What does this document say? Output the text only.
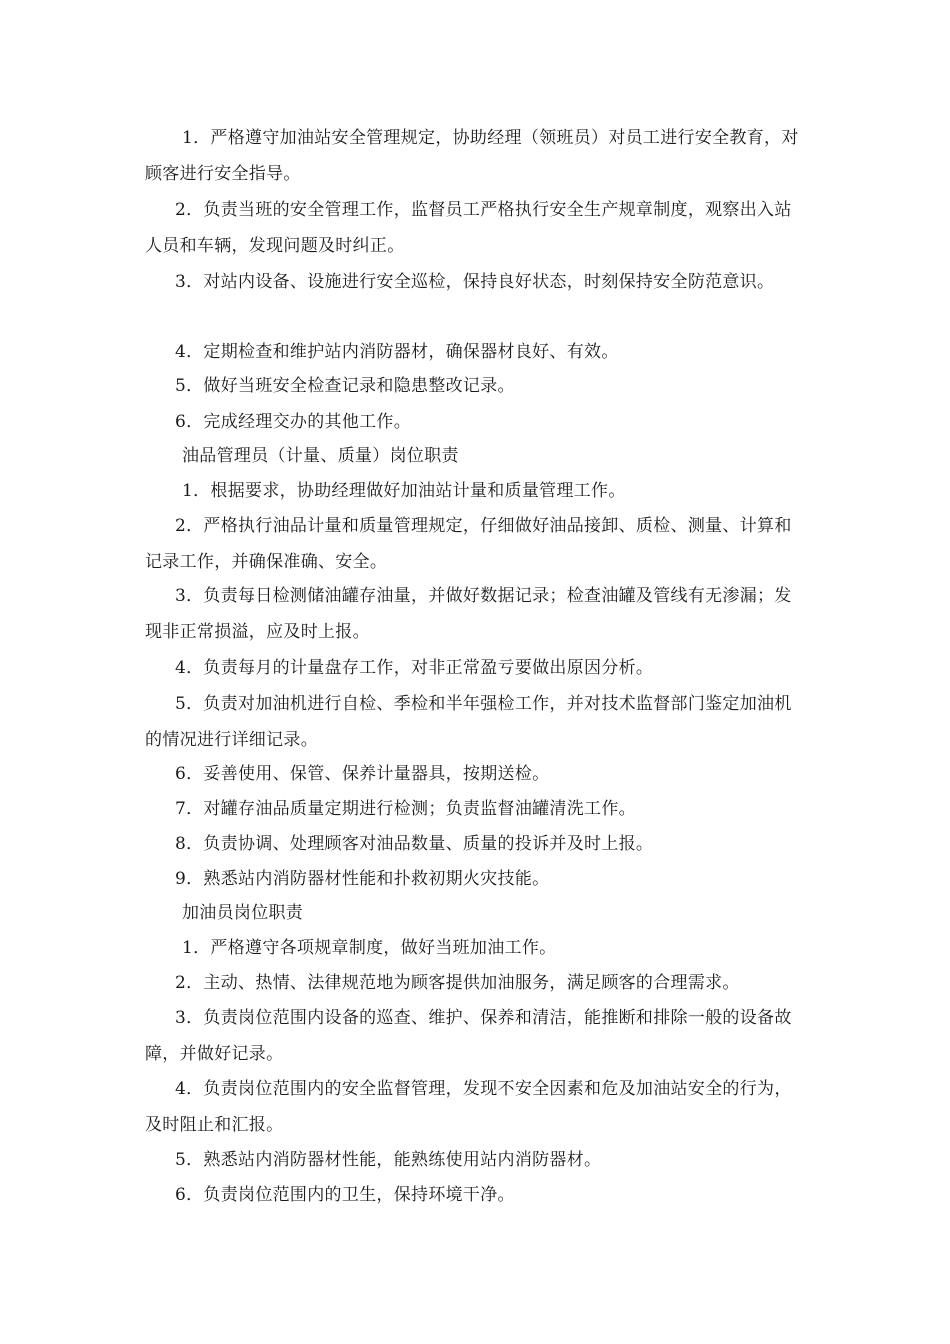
1．严格遵守加油站安全管理规定，协助经理（领班员）对员工进行安全教育，对顾客进行安全指导。

2．负责当班的安全管理工作，监督员工严格执行安全生产规章制度，观察出入站人员和车辆，发现问题及时纠正。

3．对站内设备、设施进行安全巡检，保持良好状态，时刻保持安全防范意识。

4．定期检查和维护站内消防器材，确保器材良好、有效。

5．做好当班安全检查记录和隐患整改记录。

6．完成经理交办的其他工作。

油品管理员（计量、质量）岗位职责

1．根据要求，协助经理做好加油站计量和质量管理工作。

2．严格执行油品计量和质量管理规定，仔细做好油品接卸、质检、测量、计算和记录工作，并确保准确、安全。

3．负责每日检测储油罐存油量，并做好数据记录；检查油罐及管线有无渗漏；发现非正常损溢，应及时上报。

4．负责每月的计量盘存工作，对非正常盈亏要做出原因分析。

5．负责对加油机进行自检、季检和半年强检工作，并对技术监督部门鉴定加油机的情况进行详细记录。

6．妥善使用、保管、保养计量器具，按期送检。

7．对罐存油品质量定期进行检测；负责监督油罐清洗工作。

8．负责协调、处理顾客对油品数量、质量的投诉并及时上报。

9．熟悉站内消防器材性能和扑救初期火灾技能。

加油员岗位职责

1．严格遵守各项规章制度，做好当班加油工作。

2．主动、热情、法律规范地为顾客提供加油服务，满足顾客的合理需求。

3．负责岗位范围内设备的巡查、维护、保养和清洁，能推断和排除一般的设备故障，并做好记录。

4．负责岗位范围内的安全监督管理，发现不安全因素和危及加油站安全的行为，及时阻止和汇报。

5．熟悉站内消防器材性能，能熟练使用站内消防器材。

6．负责岗位范围内的卫生，保持环境干净。
